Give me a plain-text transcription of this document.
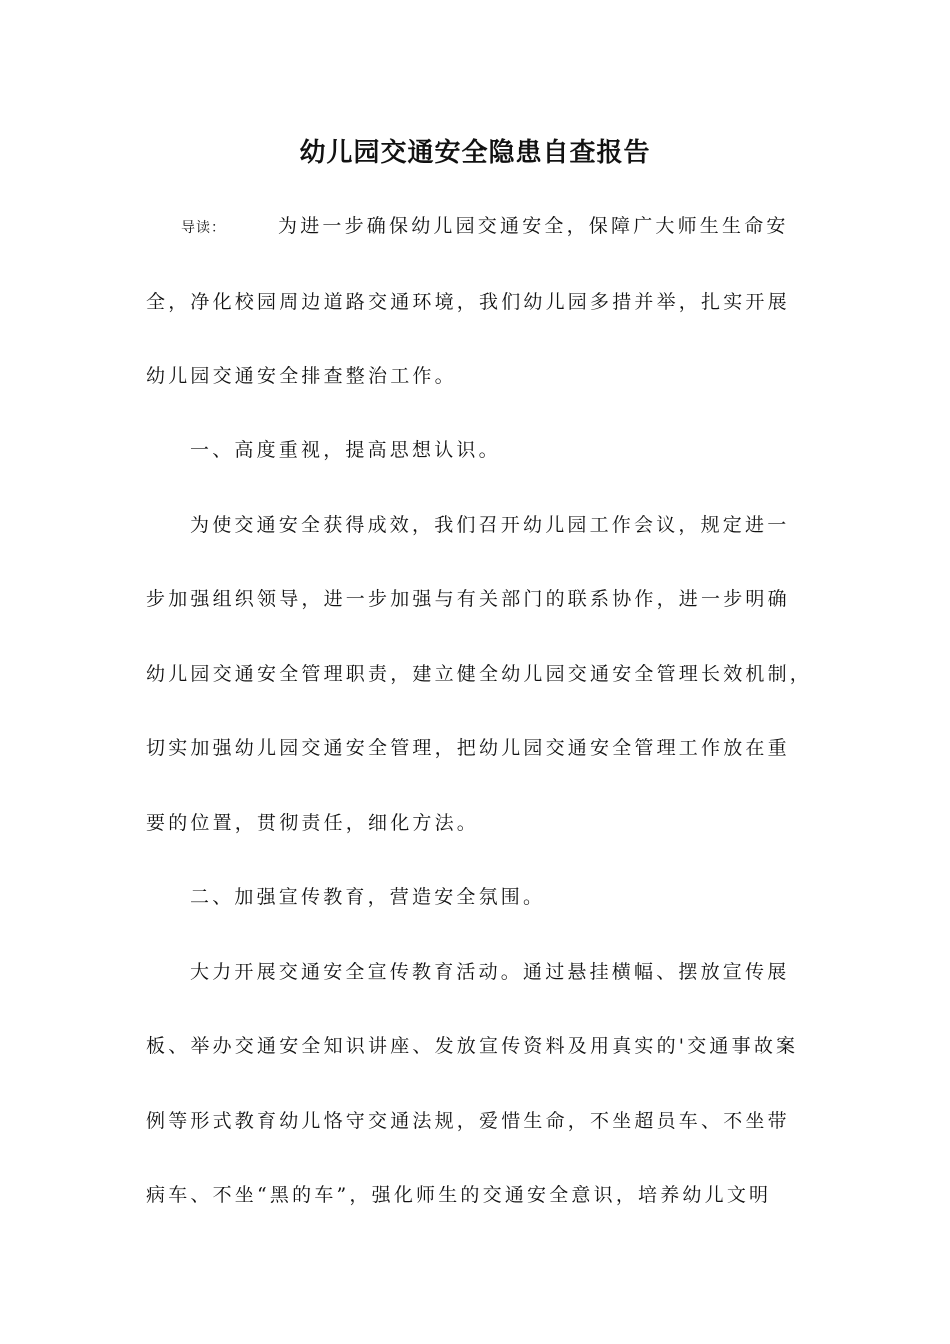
幼儿园交通安全隐患自查报告
导读：	为进一步确保幼儿园交通安全，保障广大师生生命安
全，净化校园周边道路交通环境，我们幼儿园多措并举，扎实开展
幼儿园交通安全排查整治工作。
一、高度重视，提高思想认识。
为使交通安全获得成效，我们召开幼儿园工作会议，规定进一
步加强组织领导，进一步加强与有关部门的联系协作，进一步明确
幼儿园交通安全管理职责，建立健全幼儿园交通安全管理长效机制，
切实加强幼儿园交通安全管理，把幼儿园交通安全管理工作放在重
要的位置，贯彻责任，细化方法。
二、加强宣传教育，营造安全氛围。
大力开展交通安全宣传教育活动。通过悬挂横幅、摆放宣传展
板、举办交通安全知识讲座、发放宣传资料及用真实的'交通事故案
例等形式教育幼儿恪守交通法规，爱惜生命，不坐超员车、不坐带
病车、不坐“黑的车”，强化师生的交通安全意识，培养幼儿文明
